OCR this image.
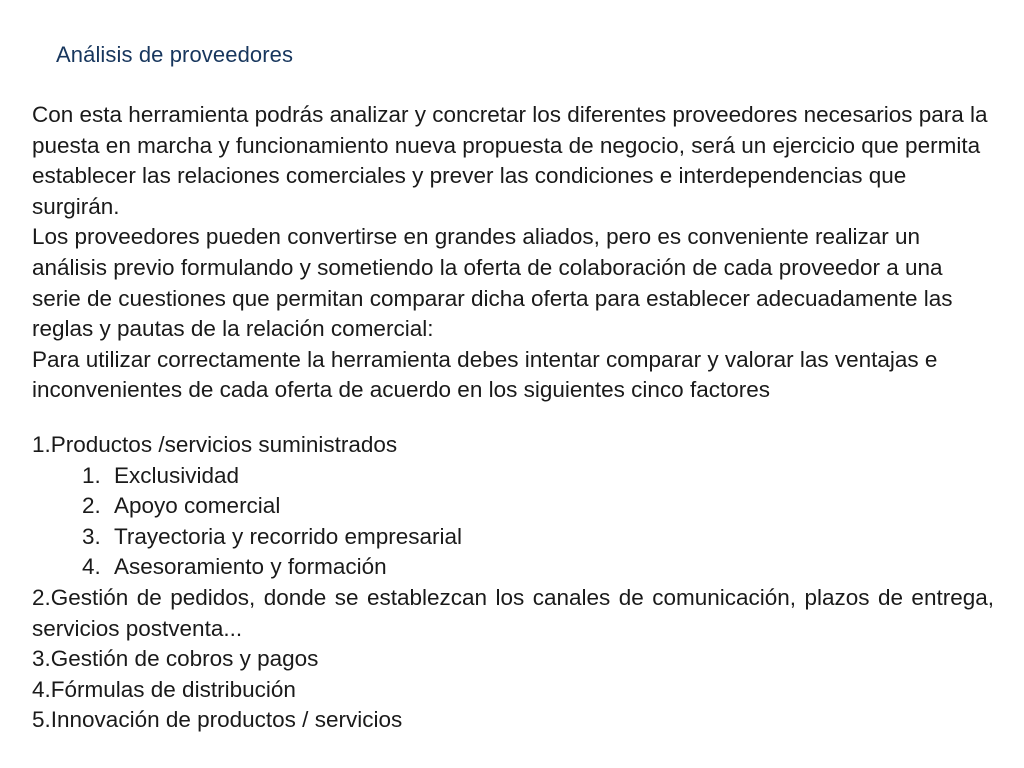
Análisis de proveedores

Con esta herramienta podrás analizar y concretar los diferentes proveedores necesarios para la puesta en marcha y funcionamiento nueva propuesta de negocio, será un ejercicio que permita establecer las relaciones comerciales y prever las condiciones e interdependencias que surgirán.

Los proveedores pueden convertirse en grandes aliados, pero es conveniente realizar un análisis previo formulando y sometiendo la oferta de colaboración de cada proveedor a una serie de cuestiones que permitan comparar dicha oferta para establecer adecuadamente las reglas y pautas de la relación comercial:

Para utilizar correctamente la herramienta debes intentar comparar y valorar las ventajas e inconvenientes de cada oferta de acuerdo en los siguientes cinco factores

1.Productos /servicios suministrados

1. Exclusividad
2. Apoyo comercial
3. Trayectoria y recorrido empresarial
4. Asesoramiento y formación

2.Gestión de pedidos, donde se establezcan los canales de comunicación, plazos de entrega, servicios postventa...

3.Gestión de cobros y pagos

4.Fórmulas de distribución

5.Innovación de productos / servicios
